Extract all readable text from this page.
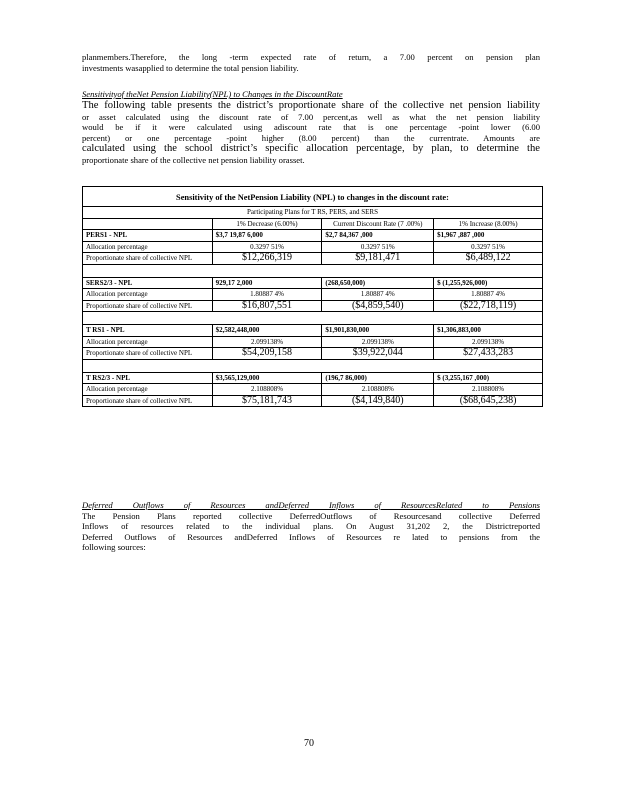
planmembers.Therefore, the long -term expected rate of return, a 7.00 percent on pension plan
investments wasapplied to determine the total pension liability.
Sensitivityof theNet Pension Liability(NPL) to Changes in the DiscountRate
The following table presents the district’s proportionate share of the collective net pension liability
or asset calculated using the discount rate of 7.00 percent,as well as what the net pension liability
would be if it were calculated using adiscount rate that is one percentage -point lower (6.00
percent) or one percentage -point higher (8.00 percent) than the currentrate. Amounts are
calculated using the school district’s specific allocation percentage, by plan, to determine the
proportionate share of the collective net pension liability orasset.
Sensitivity of the NetPension Liability (NPL) to changes in the discount rate:			
Participating Plans for T RS, PERS, and SERS			
	1% Decrease (6.00%)	Current Discount Rate (7 .00%)	1% Increase (8.00%)
PERS1 - NPL	$3,7 19,87 6,000	$2,7 84,367 ,000	$1,967 ,887 ,000
Allocation percentage	0.3297 51%	0.3297 51%	0.3297 51%
Proportionate share of collective NPL	$12,266,319	$9,181,471	$6,489,122

SERS2/3 - NPL	929,17 2,000	(268,650,000)	$ (1,255,926,000)
Allocation percentage	1.80887 4%	1.80887 4%	1.80887 4%
Proportionate share of collective NPL	$16,807,551	($4,859,540)	($22,718,119)

T RS1 - NPL	$2,582,448,000	$1,901,830,000	$1,306,883,000
Allocation percentage	2.099138%	2.099138%	2.099138%
Proportionate share of collective NPL	$54,209,158	$39,922,044	$27,433,283

T RS2/3 - NPL	$3,565,129,000	(196,7 86,000)	$ (3,255,167 ,000)
Allocation percentage	2.108808%	2.108808%	2.108808%
Proportionate share of collective NPL	$75,181,743	($4,149,840)	($68,645,238)
Deferred Outflows of Resources andDeferred Inflows of ResourcesRelated to Pensions
The Pension Plans reported collective DeferredOutflows of Resourcesand collective Deferred
Inflows of resources related to the individual plans. On August 31,202 2, the Districtreported
Deferred Outflows of Resources andDeferred Inflows of Resources re lated to pensions from the
following sources:
70
